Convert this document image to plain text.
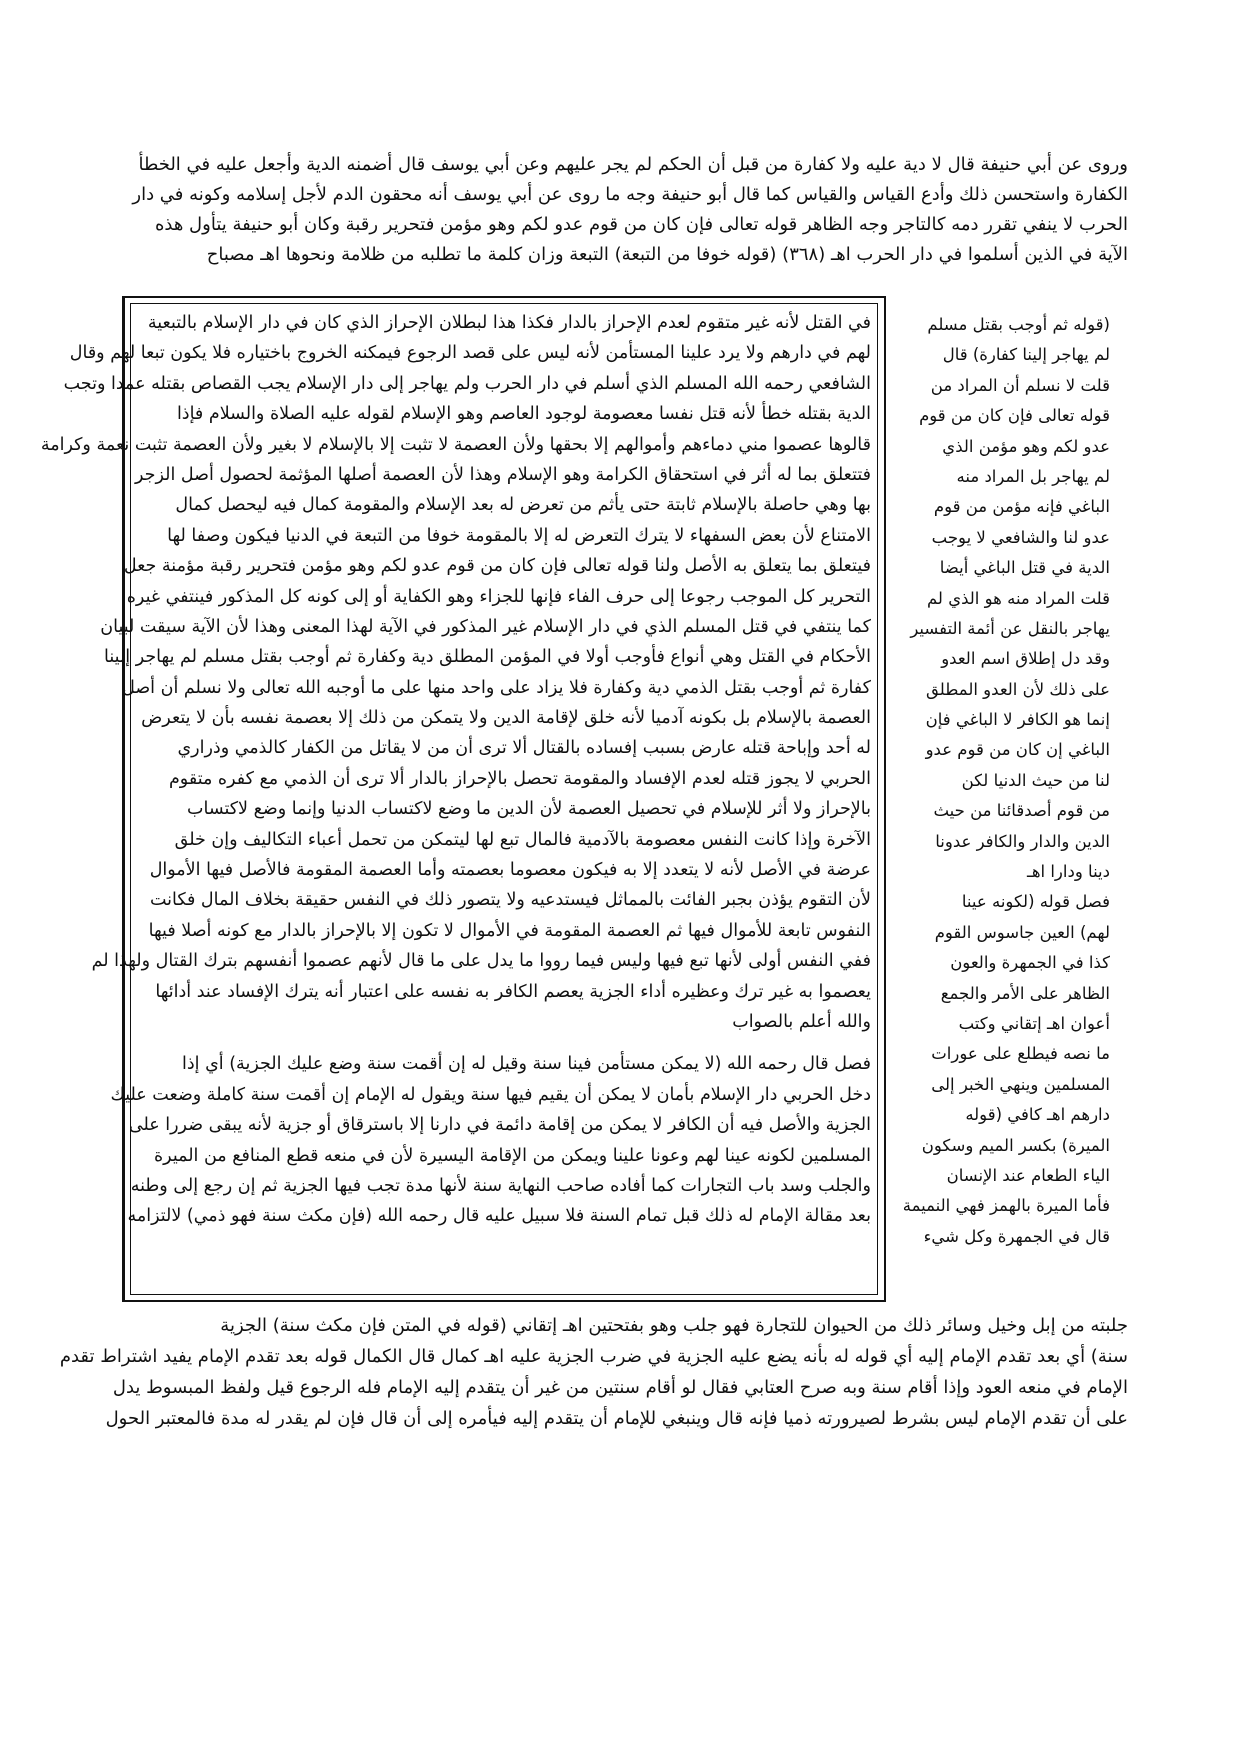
وروى عن أبي حنيفة قال لا دية عليه ولا كفارة من قبل أن الحكم لم يجر عليهم وعن أبي يوسف قال أضمنه الدية وأجعل عليه في الخطأ
الكفارة واستحسن ذلك وأدع القياس والقياس كما قال أبو حنيفة وجه ما روى عن أبي يوسف أنه محقون الدم لأجل إسلامه وكونه في دار
الحرب لا ينفي تقرر دمه كالتاجر وجه الظاهر قوله تعالى فإن كان من قوم عدو لكم وهو مؤمن فتحرير رقبة وكان أبو حنيفة يتأول هذه
الآية في الذين أسلموا في دار الحرب اهـ (٣٦٨) (قوله خوفا من التبعة) التبعة وزان كلمة ما تطلبه من ظلامة ونحوها اهـ مصباح
في القتل لأنه غير متقوم لعدم الإحراز بالدار فكذا هذا لبطلان الإحراز الذي كان في دار الإسلام بالتبعية
لهم في دارهم ولا يرد علينا المستأمن لأنه ليس على قصد الرجوع فيمكنه الخروج باختياره فلا يكون تبعا لهم وقال
الشافعي رحمه الله المسلم الذي أسلم في دار الحرب ولم يهاجر إلى دار الإسلام يجب القصاص بقتله عمدا وتجب
الدية بقتله خطأ لأنه قتل نفسا معصومة لوجود العاصم وهو الإسلام لقوله عليه الصلاة والسلام فإذا
قالوها عصموا مني دماءهم وأموالهم إلا بحقها ولأن العصمة لا تثبت إلا بالإسلام لا بغير ولأن العصمة تثبت نعمة وكرامة
فتتعلق بما له أثر في استحقاق الكرامة وهو الإسلام وهذا لأن العصمة أصلها المؤثمة لحصول أصل الزجر
بها وهي حاصلة بالإسلام ثابتة حتى يأثم من تعرض له بعد الإسلام والمقومة كمال فيه ليحصل كمال
الامتناع لأن بعض السفهاء لا يترك التعرض له إلا بالمقومة خوفا من التبعة في الدنيا فيكون وصفا لها
فيتعلق بما يتعلق به الأصل ولنا قوله تعالى فإن كان من قوم عدو لكم وهو مؤمن فتحرير رقبة مؤمنة جعل
التحرير كل الموجب رجوعا إلى حرف الفاء فإنها للجزاء وهو الكفاية أو إلى كونه كل المذكور فينتفي غيره
كما ينتفي في قتل المسلم الذي في دار الإسلام غير المذكور في الآية لهذا المعنى وهذا لأن الآية سيقت لبيان
الأحكام في القتل وهي أنواع فأوجب أولا في المؤمن المطلق دية وكفارة ثم أوجب بقتل مسلم لم يهاجر إلينا
كفارة ثم أوجب بقتل الذمي دية وكفارة فلا يزاد على واحد منها على ما أوجبه الله تعالى ولا نسلم أن أصل
العصمة بالإسلام بل بكونه آدميا لأنه خلق لإقامة الدين ولا يتمكن من ذلك إلا بعصمة نفسه بأن لا يتعرض
له أحد وإباحة قتله عارض بسبب إفساده بالقتال ألا ترى أن من لا يقاتل من الكفار كالذمي وذراري
الحربي لا يجوز قتله لعدم الإفساد والمقومة تحصل بالإحراز بالدار ألا ترى أن الذمي مع كفره متقوم
بالإحراز ولا أثر للإسلام في تحصيل العصمة لأن الدين ما وضع لاكتساب الدنيا وإنما وضع لاكتساب
الآخرة وإذا كانت النفس معصومة بالآدمية فالمال تبع لها ليتمكن من تحمل أعباء التكاليف وإن خلق
عرضة في الأصل لأنه لا يتعدد إلا به فيكون معصوما بعصمته وأما العصمة المقومة فالأصل فيها الأموال
لأن التقوم يؤذن بجبر الفائت بالمماثل فيستدعيه ولا يتصور ذلك في النفس حقيقة بخلاف المال فكانت
النفوس تابعة للأموال فيها ثم العصمة المقومة في الأموال لا تكون إلا بالإحراز بالدار مع كونه أصلا فيها
ففي النفس أولى لأنها تبع فيها وليس فيما رووا ما يدل على ما قال لأنهم عصموا أنفسهم بترك القتال ولهذا لم
يعصموا به غير ترك وعظيره أداء الجزية يعصم الكافر به نفسه على اعتبار أنه يترك الإفساد عند أدائها
والله أعلم بالصواب
فصل قال رحمه الله (لا يمكن مستأمن فينا سنة وقيل له إن أقمت سنة وضع عليك الجزية) أي إذا
دخل الحربي دار الإسلام بأمان لا يمكن أن يقيم فيها سنة ويقول له الإمام إن أقمت سنة كاملة وضعت عليك
الجزية والأصل فيه أن الكافر لا يمكن من إقامة دائمة في دارنا إلا باسترقاق أو جزية لأنه يبقى ضررا على
المسلمين لكونه عينا لهم وعونا علينا ويمكن من الإقامة اليسيرة لأن في منعه قطع المنافع من الميرة
والجلب وسد باب التجارات كما أفاده صاحب النهاية سنة لأنها مدة تجب فيها الجزية ثم إن رجع إلى وطنه
بعد مقالة الإمام له ذلك قبل تمام السنة فلا سبيل عليه قال رحمه الله (فإن مكث سنة فهو ذمي) لالتزامه
(قوله ثم أوجب بقتل مسلم
لم يهاجر إلينا كفارة) قال
قلت لا نسلم أن المراد من
قوله تعالى فإن كان من قوم
عدو لكم وهو مؤمن الذي
لم يهاجر بل المراد منه
الباغي فإنه مؤمن من قوم
عدو لنا والشافعي لا يوجب
الدية في قتل الباغي أيضا
قلت المراد منه هو الذي لم
يهاجر بالنقل عن أئمة التفسير
وقد دل إطلاق اسم العدو
على ذلك لأن العدو المطلق
إنما هو الكافر لا الباغي فإن
الباغي إن كان من قوم عدو
لنا من حيث الدنيا لكن
من قوم أصدقائنا من حيث
الدين والدار والكافر عدونا
دينا ودارا اهـ
فصل قوله (لكونه عينا
لهم) العين جاسوس القوم
كذا في الجمهرة والعون
الظاهر على الأمر والجمع
أعوان اهـ إتقاني وكتب
ما نصه فيطلع على عورات
المسلمين وينهي الخبر إلى
دارهم اهـ كافي (قوله
الميرة) بكسر الميم وسكون
الياء الطعام عند الإنسان
فأما الميرة بالهمز فهي النميمة
قال في الجمهرة وكل شيء
جلبته من إبل وخيل وسائر ذلك من الحيوان للتجارة فهو جلب وهو بفتحتين اهـ إتقاني (قوله في المتن فإن مكث سنة) الجزية
سنة) أي بعد تقدم الإمام إليه أي قوله له بأنه يضع عليه الجزية في ضرب الجزية عليه اهـ كمال قال الكمال قوله بعد تقدم الإمام يفيد اشتراط تقدم
الإمام في منعه العود وإذا أقام سنة وبه صرح العتابي فقال لو أقام سنتين من غير أن يتقدم إليه الإمام فله الرجوع قيل ولفظ المبسوط يدل
على أن تقدم الإمام ليس بشرط لصيرورته ذميا فإنه قال وينبغي للإمام أن يتقدم إليه فيأمره إلى أن قال فإن لم يقدر له مدة فالمعتبر الحول
